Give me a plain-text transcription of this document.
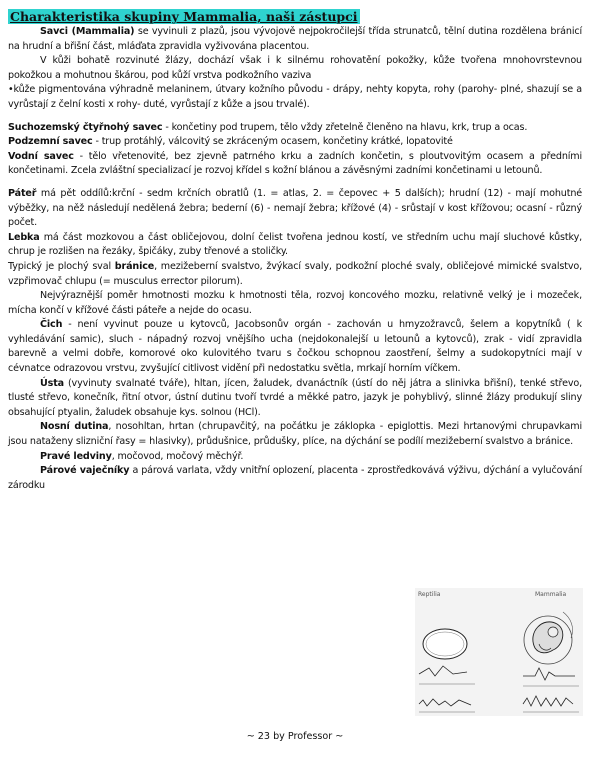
Charakteristika skupiny Mammalia, naši zástupci

Savci (Mammalia) se vyvinuli z plazů, jsou vývojově nejpokročilejší třída strunatců, tělní dutina rozdělena bránicí na hrudní a břišní část, mláďata zpravidla vyživována placentou.

V kůži bohatě rozvinuté žlázy, dochází však i k silnému rohovatění pokožky, kůže tvořena mnohovrstevnou pokožkou a mohutnou škárou, pod kůží vrstva podkožního vaziva

•kůže pigmentována výhradně melaninem, útvary kožního původu - drápy, nehty kopyta, rohy (parohy- plné, shazují se a vyrůstají z čelní kosti x rohy- duté, vyrůstají z kůže a jsou trvalé).

Suchozemský čtyřnohý savec - končetiny pod trupem, tělo vždy zřetelně členěno na hlavu, krk, trup a ocas.

Podzemní savec - trup protáhlý, válcovitý se zkráceným ocasem, končetiny krátké, lopatovité

Vodní savec - tělo vřetenovité, bez zjevně patrného krku a zadních končetin, s ploutvovitým ocasem a předními končetinami. Zcela zvláštní specializací je rozvoj křídel s kožní blánou a závěsnými zadními končetinami u letounů.

Páteř má pět oddílů:krční - sedm krčních obratlů (1. = atlas, 2. = čepovec + 5 dalších); hrudní (12) - mají mohutné výběžky, na něž následují nedělená žebra; bederní (6) - nemají žebra; křížové (4) - srůstají v kost křížovou; ocasní - různý počet.

Lebka má část mozkovou a část obličejovou, dolní čelist tvořena jednou kostí, ve středním uchu mají sluchové kůstky, chrup je rozlišen na řezáky, špičáky, zuby třenové a stoličky.

Typický je plochý sval bránice, mezižeberní svalstvo, žvýkací svaly, podkožní ploché svaly, obličejové mimické svalstvo, vzpřimovač chlupu (= musculus errector pilorum).

Nejvýraznější poměr hmotnosti mozku k hmotnosti těla, rozvoj koncového mozku, relativně velký je i mozeček, mícha končí v křížové části páteře a nejde do ocasu.

Čich - není vyvinut pouze u kytovců, Jacobsonův orgán - zachován u hmyzožravců, šelem a kopytníků ( k vyhledávání samic), sluch - nápadný rozvoj vnějšího ucha (nejdokonalejší u letounů a kytovců), zrak - vidí zpravidla barevně a velmi dobře, komorové oko kulovitého tvaru s čočkou schopnou zaostření, šelmy a sudokopytníci mají v cévnatce odrazovou vrstvu, zvyšující citlivost vidění při nedostatku světla, mrkají horním víčkem.

Ústa (vyvinuty svalnaté tváře), hltan, jícen, žaludek, dvanáctník (ústí do něj játra a slinivka břišní), tenké střevo, tlusté střevo, konečník, řitní otvor, ústní dutinu tvoří tvrdé a měkké patro, jazyk je pohyblivý, slinné žlázy produkují sliny obsahující ptyalin, žaludek obsahuje kys. solnou (HCl).

Nosní dutina, nosohltan, hrtan (chrupavčitý, na počátku je záklopka - epiglottis. Mezi hrtanovými chrupavkami jsou nataženy slizniční řasy = hlasivky), průdušnice, průdušky, plíce, na dýchání se podílí mezižeberní svalstvo a bránice.

Pravé ledviny, močovod, močový měchýř.

Párové vaječníky a párová varlata, vždy vnitřní oplození, placenta - zprostředkovává výživu, dýchání a vylučování zárodku

Reptilia	Mammalia
~ 23 by Professor ~
